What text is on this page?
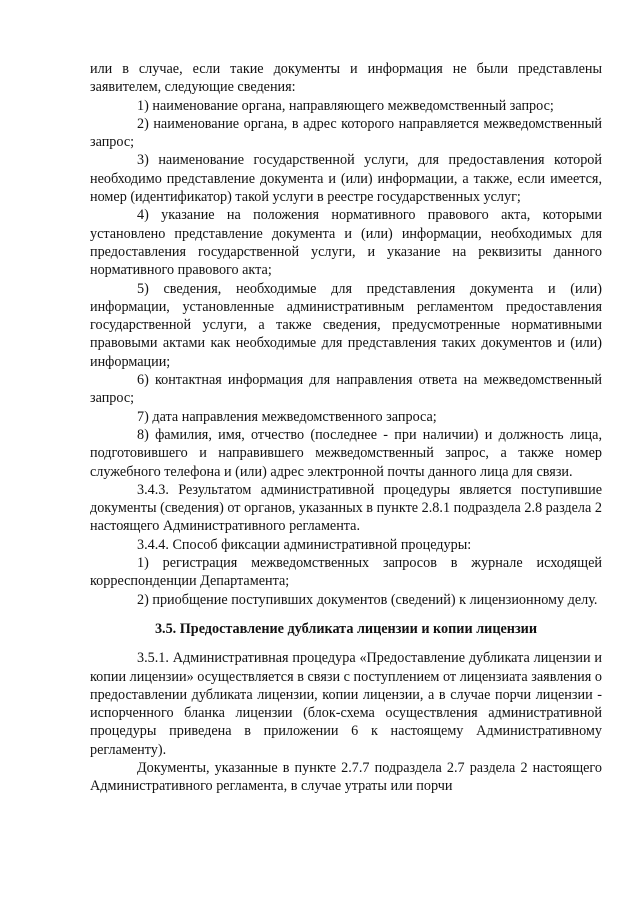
или в случае, если такие документы и информация не были представлены заявителем, следующие сведения:

1) наименование органа, направляющего межведомственный запрос;

2) наименование органа, в адрес которого направляется межведомственный запрос;

3) наименование государственной услуги, для предоставления которой необходимо представление документа и (или) информации, а также, если имеется, номер (идентификатор) такой услуги в реестре государственных услуг;

4) указание на положения нормативного правового акта, которыми установлено представление документа и (или) информации, необходимых для предоставления государственной услуги, и указание на реквизиты данного нормативного правового акта;

5) сведения, необходимые для представления документа и (или) информации, установленные административным регламентом предоставления государственной услуги, а также сведения, предусмотренные нормативными правовыми актами как необходимые для представления таких документов и (или) информации;

6) контактная информация для направления ответа на межведомственный запрос;

7) дата направления межведомственного запроса;

8) фамилия, имя, отчество (последнее - при наличии) и должность лица, подготовившего и направившего межведомственный запрос, а также номер служебного телефона и (или) адрес электронной почты данного лица для связи.

3.4.3. Результатом административной процедуры является поступившие документы (сведения) от органов, указанных в пункте 2.8.1 подраздела 2.8 раздела 2 настоящего Административного регламента.

3.4.4. Способ фиксации административной процедуры:

1) регистрация межведомственных запросов в журнале исходящей корреспонденции Департамента;

2) приобщение поступивших документов (сведений) к лицензионному делу.

3.5. Предоставление дубликата лицензии и копии лицензии

3.5.1. Административная процедура «Предоставление дубликата лицензии и копии лицензии» осуществляется в связи с поступлением от лицензиата заявления о предоставлении дубликата лицензии, копии лицензии, а в случае порчи лицензии - испорченного бланка лицензии (блок-схема осуществления административной процедуры приведена в приложении 6 к настоящему Административному регламенту).

Документы, указанные в пункте 2.7.7 подраздела 2.7 раздела 2 настоящего Административного регламента, в случае утраты или порчи
